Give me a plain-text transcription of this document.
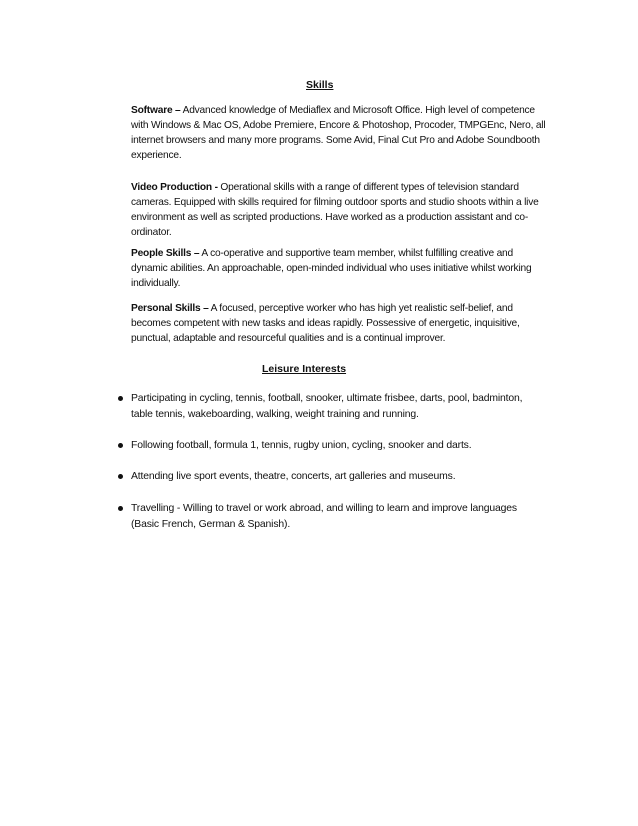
Skills
Software – Advanced knowledge of Mediaflex and Microsoft Office. High level of competence with Windows & Mac OS, Adobe Premiere, Encore & Photoshop, Procoder, TMPGEnc, Nero, all internet browsers and many more programs. Some Avid, Final Cut Pro and Adobe Soundbooth experience.
Video Production - Operational skills with a range of different types of television standard cameras. Equipped with skills required for filming outdoor sports and studio shoots within a live environment as well as scripted productions. Have worked as a production assistant and co-ordinator.
People Skills – A co-operative and supportive team member, whilst fulfilling creative and dynamic abilities. An approachable, open-minded individual who uses initiative whilst working individually.
Personal Skills – A focused, perceptive worker who has high yet realistic self-belief, and becomes competent with new tasks and ideas rapidly. Possessive of energetic, inquisitive, punctual, adaptable and resourceful qualities and is a continual improver.
Leisure Interests
Participating in cycling, tennis, football, snooker, ultimate frisbee, darts, pool, badminton, table tennis, wakeboarding, walking, weight training and running.
Following football, formula 1, tennis, rugby union, cycling, snooker and darts.
Attending live sport events, theatre, concerts, art galleries and museums.
Travelling - Willing to travel or work abroad, and willing to learn and improve languages (Basic French, German & Spanish).
